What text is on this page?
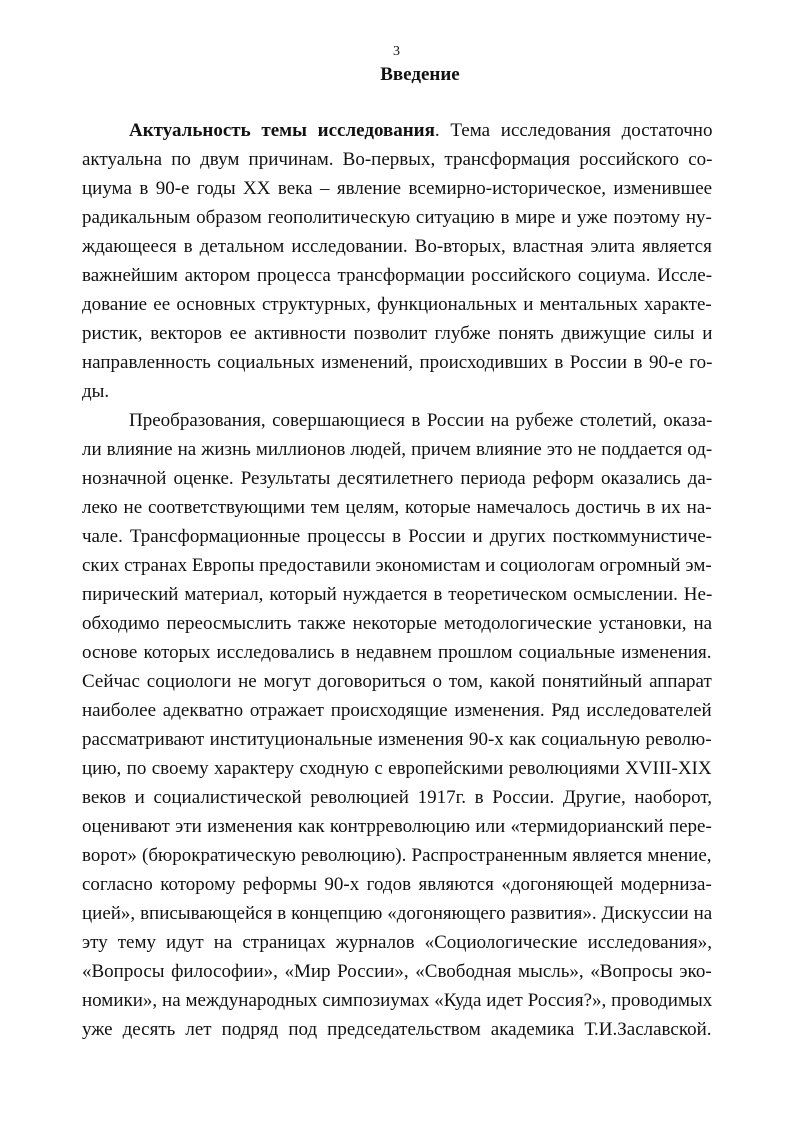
3
Введение
Актуальность темы исследования. Тема исследования достаточно
актуальна по двум причинам. Во-первых, трансформация российского со-
циума в 90-е годы XX века – явление всемирно-историческое, изменившее
радикальным образом геополитическую ситуацию в мире и уже поэтому ну-
ждающееся в детальном исследовании. Во-вторых, властная элита является
важнейшим актором процесса трансформации российского социума. Иссле-
дование ее основных структурных, функциональных и ментальных характе-
ристик, векторов ее активности позволит глубже понять движущие силы и
направленность социальных изменений, происходивших в России в 90-е го-
ды.
Преобразования, совершающиеся в России на рубеже столетий, оказа-
ли влияние на жизнь миллионов людей, причем влияние это не поддается од-
нозначной оценке. Результаты десятилетнего периода реформ оказались да-
леко не соответствующими тем целям, которые намечалось достичь в их на-
чале. Трансформационные процессы в России и других посткоммунистиче-
ских странах Европы предоставили экономистам и социологам огромный эм-
пирический материал, который нуждается в теоретическом осмыслении. Не-
обходимо переосмыслить также некоторые методологические установки, на
основе которых исследовались в недавнем прошлом социальные изменения.
Сейчас социологи не могут договориться о том, какой понятийный аппарат
наиболее адекватно отражает происходящие изменения. Ряд исследователей
рассматривают институциональные изменения 90-х как социальную револю-
цию, по своему характеру сходную с европейскими революциями XVIII-XIX
веков и социалистической революцией 1917г. в России. Другие, наоборот,
оценивают эти изменения как контрреволюцию или «термидорианский пере-
ворот» (бюрократическую революцию). Распространенным является мнение,
согласно которому реформы 90-х годов являются «догоняющей модерниза-
цией», вписывающейся в концепцию «догоняющего развития». Дискуссии на
эту тему идут на страницах журналов «Социологические исследования»,
«Вопросы философии», «Мир России», «Свободная мысль», «Вопросы эко-
номики», на международных симпозиумах «Куда идет Россия?», проводимых
уже десять лет подряд под председательством академика Т.И.Заславской.
